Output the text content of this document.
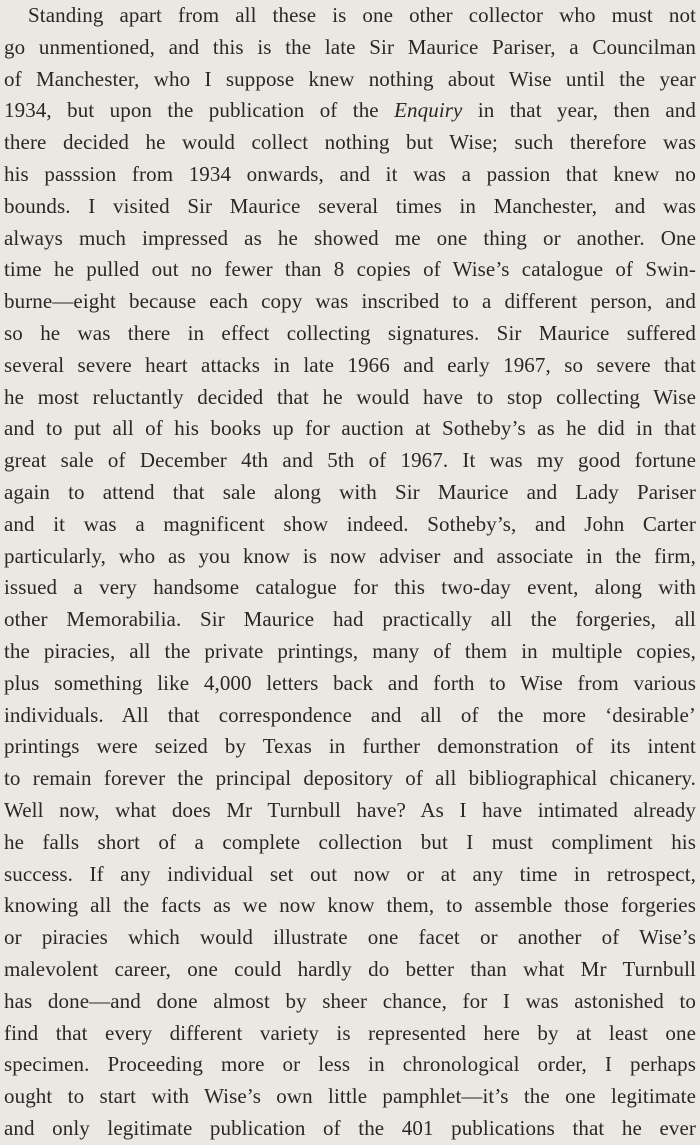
Standing apart from all these is one other collector who must not
go unmentioned, and this is the late Sir Maurice Pariser, a Councilman
of Manchester, who I suppose knew nothing about Wise until the year
1934, but upon the publication of the Enquiry in that year, then and
there decided he would collect nothing but Wise; such therefore was
his passsion from 1934 onwards, and it was a passion that knew no
bounds. I visited Sir Maurice several times in Manchester, and was
always much impressed as he showed me one thing or another. One
time he pulled out no fewer than 8 copies of Wise’s catalogue of Swin-
burne—eight because each copy was inscribed to a different person, and
so he was there in effect collecting signatures. Sir Maurice suffered
several severe heart attacks in late 1966 and early 1967, so severe that
he most reluctantly decided that he would have to stop collecting Wise
and to put all of his books up for auction at Sotheby’s as he did in that
great sale of December 4th and 5th of 1967. It was my good fortune
again to attend that sale along with Sir Maurice and Lady Pariser
and it was a magnificent show indeed. Sotheby’s, and John Carter
particularly, who as you know is now adviser and associate in the firm,
issued a very handsome catalogue for this two-day event, along with
other Memorabilia. Sir Maurice had practically all the forgeries, all
the piracies, all the private printings, many of them in multiple copies,
plus something like 4,000 letters back and forth to Wise from various
individuals. All that correspondence and all of the more ‘desirable’
printings were seized by Texas in further demonstration of its intent
to remain forever the principal depository of all bibliographical chicanery.
Well now, what does Mr Turnbull have? As I have intimated already
he falls short of a complete collection but I must compliment his
success. If any individual set out now or at any time in retrospect,
knowing all the facts as we now know them, to assemble those forgeries
or piracies which would illustrate one facet or another of Wise’s
malevolent career, one could hardly do better than what Mr Turnbull
has done—and done almost by sheer chance, for I was astonished to
find that every different variety is represented here by at least one
specimen. Proceeding more or less in chronological order, I perhaps
ought to start with Wise’s own little pamphlet—it’s the one legitimate
and only legitimate publication of the 401 publications that he ever
